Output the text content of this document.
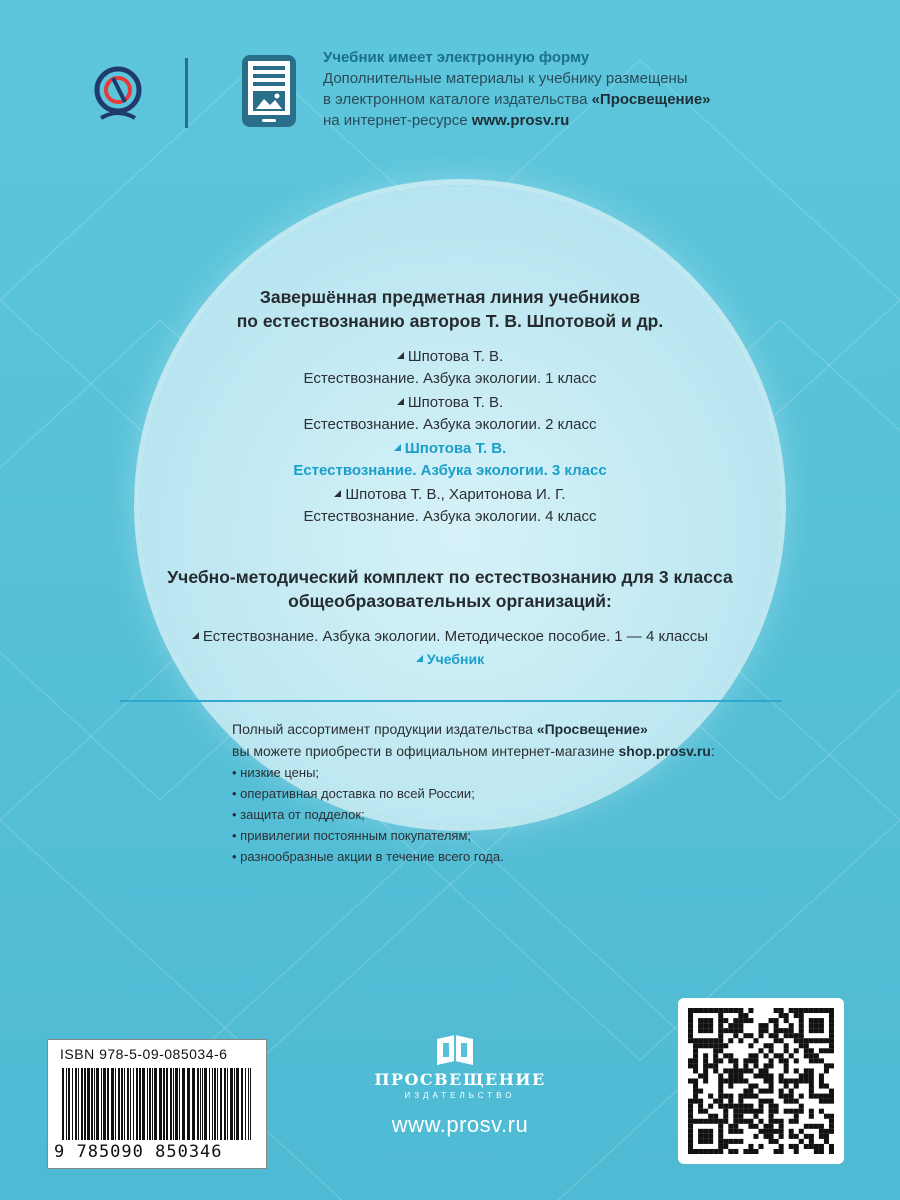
Учебник имеет электронную форму
Дополнительные материалы к учебнику размещены
в электронном каталоге издательства «Просвещение»
на интернет-ресурсе www.prosv.ru
Завершённая предметная линия учебников
по естествознанию авторов Т. В. Шпотовой и др.
Шпотова Т. В.
Естествознание. Азбука экологии. 1 класс
Шпотова Т. В.
Естествознание. Азбука экологии. 2 класс
Шпотова Т. В.
Естествознание. Азбука экологии. 3 класс
Шпотова Т. В., Харитонова И. Г.
Естествознание. Азбука экологии. 4 класс
Учебно-методический комплект по естествознанию для 3 класса
общеобразовательных организаций:
Естествознание. Азбука экологии. Методическое пособие. 1 — 4 классы
Учебник
Полный ассортимент продукции издательства «Просвещение»
вы можете приобрести в официальном интернет-магазине shop.prosv.ru:
• низкие цены;
• оперативная доставка по всей России;
• защита от подделок;
• привилегии постоянным покупателям;
• разнообразные акции в течение всего года.
ISBN 978-5-09-085034-6
9 785090 850346
ПРОСВЕЩЕНИЕ
ИЗДАТЕЛЬСТВО
www.prosv.ru
